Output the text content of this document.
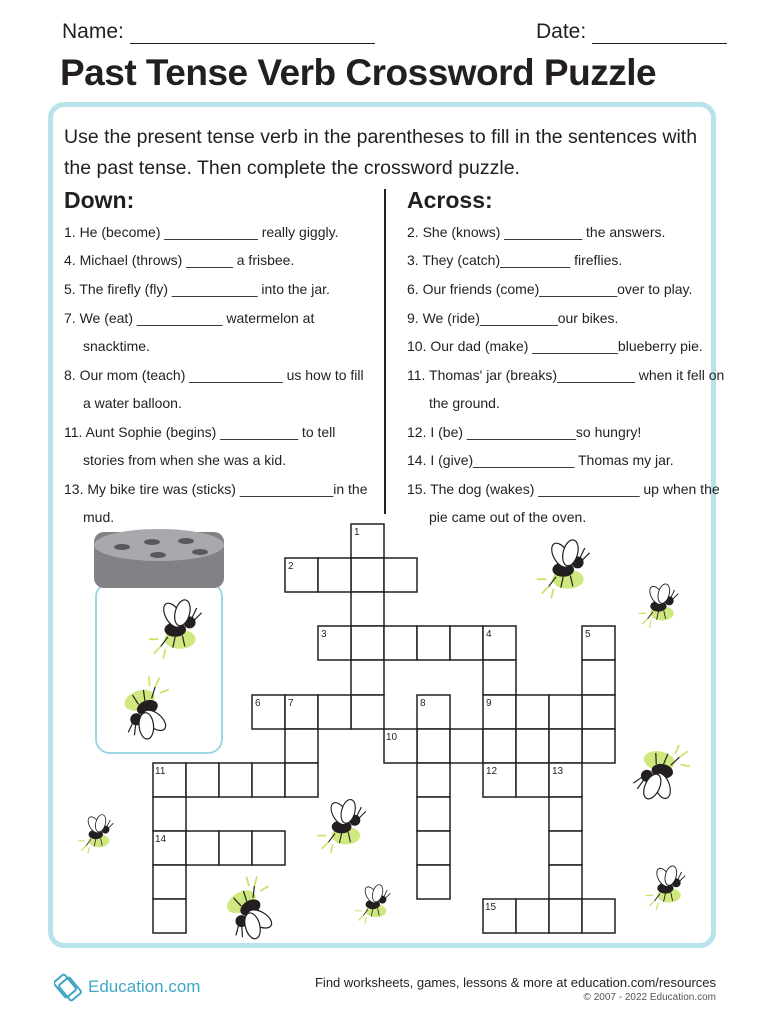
Name:	Date:
Past Tense Verb Crossword Puzzle
Use the present tense verb in the parentheses to fill in the sentences with the past tense. Then complete the crossword puzzle.
Down:	Across:
1. He (become) ____________ really giggly.
4. Michael (throws) ______ a frisbee.
5. The firefly (fly) ___________ into the jar.
7. We (eat) ___________ watermelon at snacktime.
8. Our mom (teach) ____________ us how to fill a water balloon.
11. Aunt Sophie (begins) __________ to tell stories from when she was a kid.
13. My bike tire was (sticks) ____________in the mud.
2. She (knows) __________ the answers.
3. They (catch)_________ fireflies.
6. Our friends (come)__________over to play.
9. We (ride)__________our bikes.
10. Our dad (make) ___________blueberry pie.
11. Thomas' jar (breaks)__________ when it fell on the ground.
12. I (be) ______________so hungry!
14. I (give)_____________ Thomas my jar.
15. The dog (wakes) _____________ up when the pie came out of the oven.
1
2
3	4	5
6	7	8	9
10
11	12	13
14
15
Education.com	Find worksheets, games, lessons & more at education.com/resources
© 2007 - 2022 Education.com
